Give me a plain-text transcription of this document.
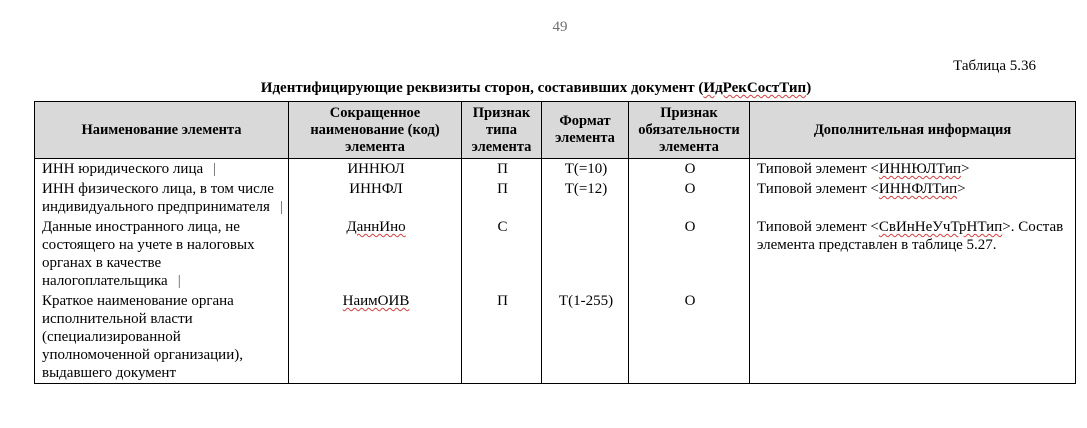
49
Таблица 5.36
Идентифицирующие реквизиты сторон, составивших документ (ИдРекСостТип)
Наименование элемента	Сокращенное наименование (код) элемента	Признак типа элемента	Формат элемента	Признак обязательности элемента	Дополнительная информация
ИНН юридического лица |	ИННЮЛ	П	T(=10)	О	Типовой элемент <ИННЮЛТип>
ИНН физического лица, в том числе индивидуального предпринимателя |	ИННФЛ	П	T(=12)	О	Типовой элемент <ИННФЛТип>
Данные иностранного лица, не состоящего на учете в налоговых органах в качестве налогоплательщика |	ДаннИно	С		О	Типовой элемент <СвИнНеУчТрНТип>. Состав элемента представлен в таблице 5.27.
Краткое наименование органа исполнительной власти (специализированной уполномоченной организации), выдавшего документ	НаимОИВ	П	T(1-255)	О	
